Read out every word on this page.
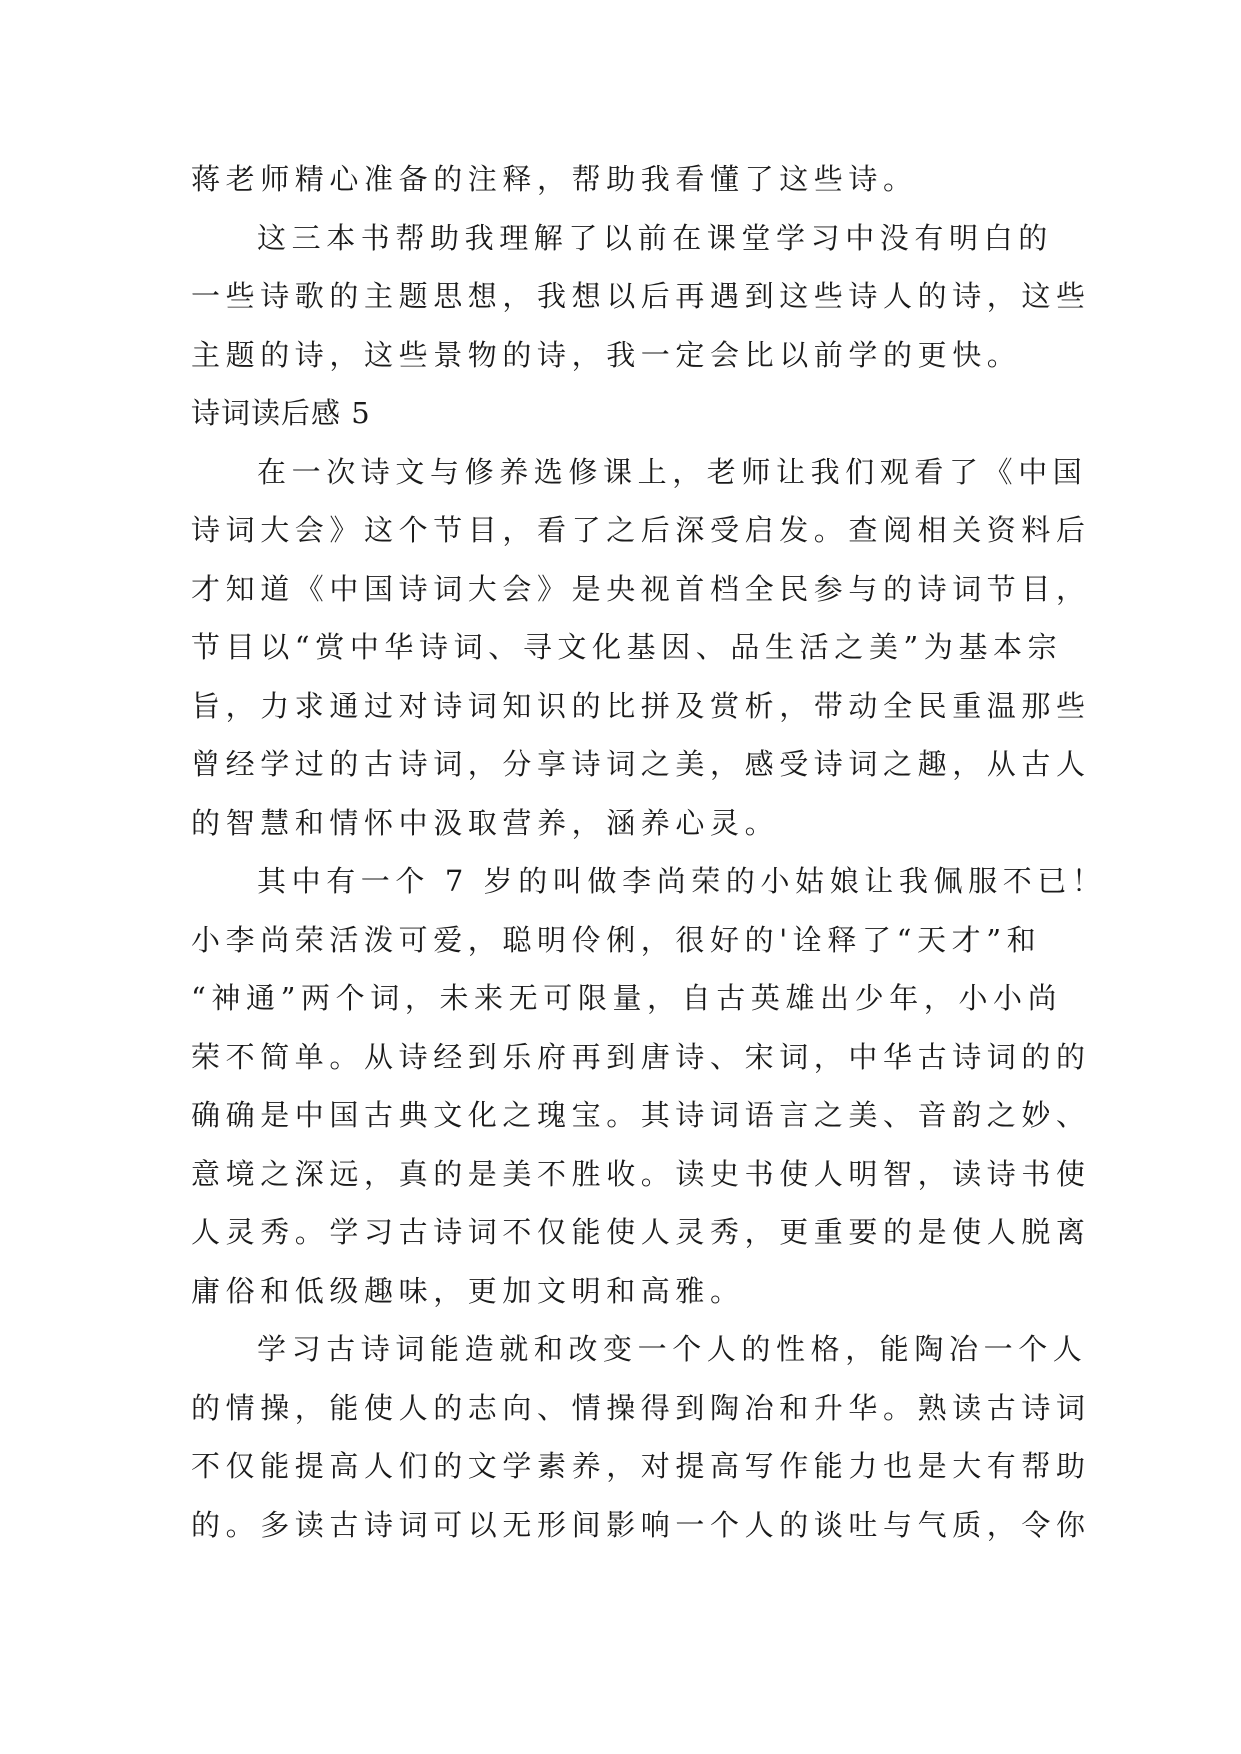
蒋老师精心准备的注释，帮助我看懂了这些诗。
这三本书帮助我理解了以前在课堂学习中没有明白的
一些诗歌的主题思想，我想以后再遇到这些诗人的诗，这些
主题的诗，这些景物的诗，我一定会比以前学的更快。
诗词读后感 5
在一次诗文与修养选修课上，老师让我们观看了《中国
诗词大会》这个节目，看了之后深受启发。查阅相关资料后
才知道《中国诗词大会》是央视首档全民参与的诗词节目，
节目以“赏中华诗词、寻文化基因、品生活之美”为基本宗
旨，力求通过对诗词知识的比拼及赏析，带动全民重温那些
曾经学过的古诗词，分享诗词之美，感受诗词之趣，从古人
的智慧和情怀中汲取营养，涵养心灵。
其中有一个 7 岁的叫做李尚荣的小姑娘让我佩服不已！
小李尚荣活泼可爱，聪明伶俐，很好的'诠释了“天才”和
“神通”两个词，未来无可限量，自古英雄出少年，小小尚
荣不简单。从诗经到乐府再到唐诗、宋词，中华古诗词的的
确确是中国古典文化之瑰宝。其诗词语言之美、音韵之妙、
意境之深远，真的是美不胜收。读史书使人明智，读诗书使
人灵秀。学习古诗词不仅能使人灵秀，更重要的是使人脱离
庸俗和低级趣味，更加文明和高雅。
学习古诗词能造就和改变一个人的性格，能陶冶一个人
的情操，能使人的志向、情操得到陶冶和升华。熟读古诗词
不仅能提高人们的文学素养，对提高写作能力也是大有帮助
的。多读古诗词可以无形间影响一个人的谈吐与气质，令你
